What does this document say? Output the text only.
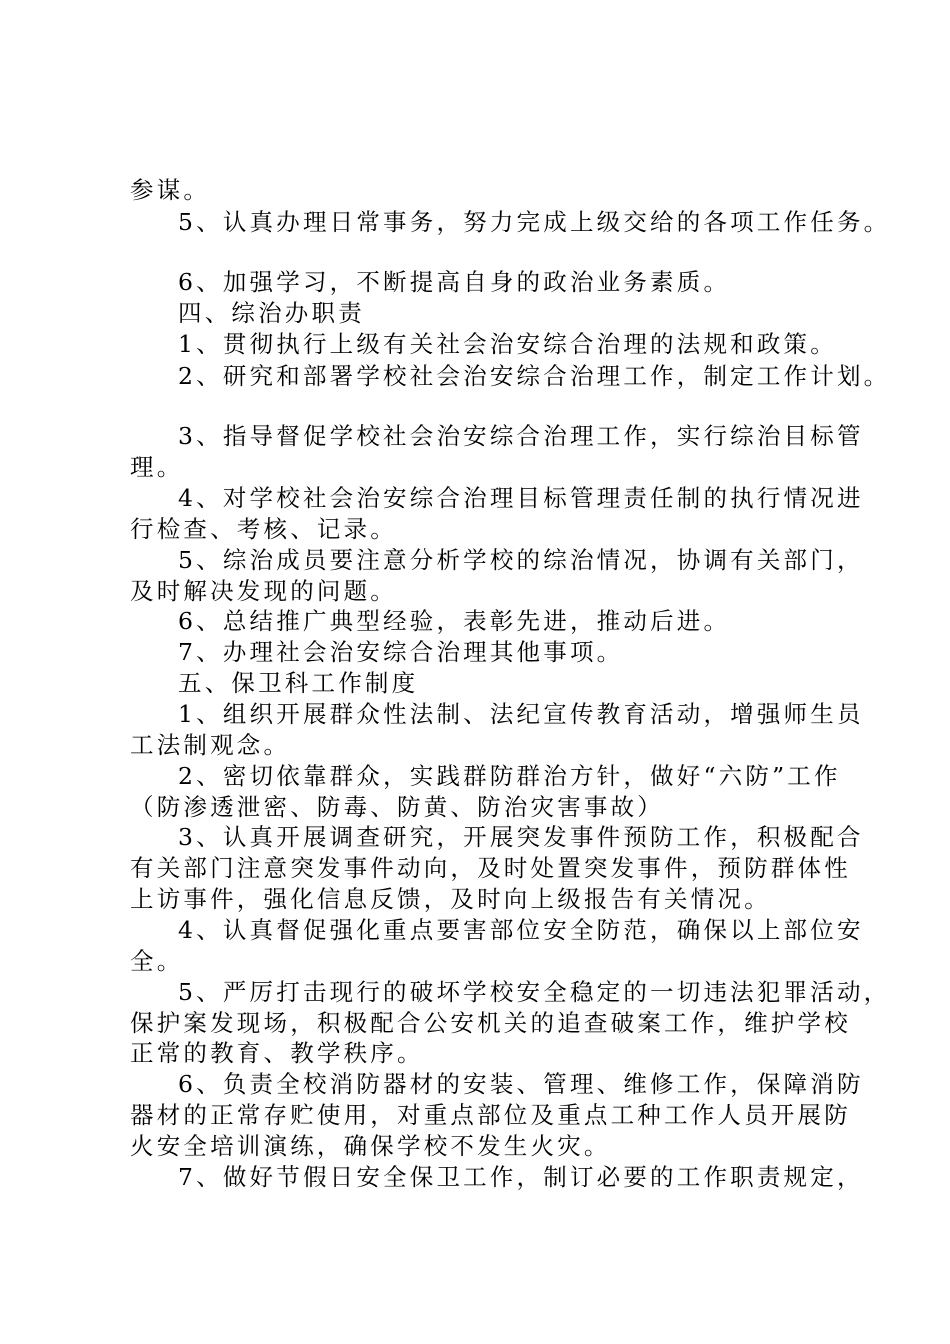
参谋。
5、认真办理日常事务，努力完成上级交给的各项工作任务。
6、加强学习，不断提高自身的政治业务素质。
四、综治办职责
1、贯彻执行上级有关社会治安综合治理的法规和政策。
2、研究和部署学校社会治安综合治理工作，制定工作计划。
3、指导督促学校社会治安综合治理工作，实行综治目标管
理。
4、对学校社会治安综合治理目标管理责任制的执行情况进
行检查、考核、记录。
5、综治成员要注意分析学校的综治情况，协调有关部门，
及时解决发现的问题。
6、总结推广典型经验，表彰先进，推动后进。
7、办理社会治安综合治理其他事项。
五、保卫科工作制度
1、组织开展群众性法制、法纪宣传教育活动，增强师生员
工法制观念。
2、密切依靠群众，实践群防群治方针，做好“六防”工作
（防渗透泄密、防毒、防黄、防治灾害事故）
3、认真开展调查研究，开展突发事件预防工作，积极配合
有关部门注意突发事件动向，及时处置突发事件，预防群体性
上访事件，强化信息反馈，及时向上级报告有关情况。
4、认真督促强化重点要害部位安全防范，确保以上部位安
全。
5、严厉打击现行的破坏学校安全稳定的一切违法犯罪活动，
保护案发现场，积极配合公安机关的追查破案工作，维护学校
正常的教育、教学秩序。
6、负责全校消防器材的安装、管理、维修工作，保障消防
器材的正常存贮使用，对重点部位及重点工种工作人员开展防
火安全培训演练，确保学校不发生火灾。
7、做好节假日安全保卫工作，制订必要的工作职责规定，
